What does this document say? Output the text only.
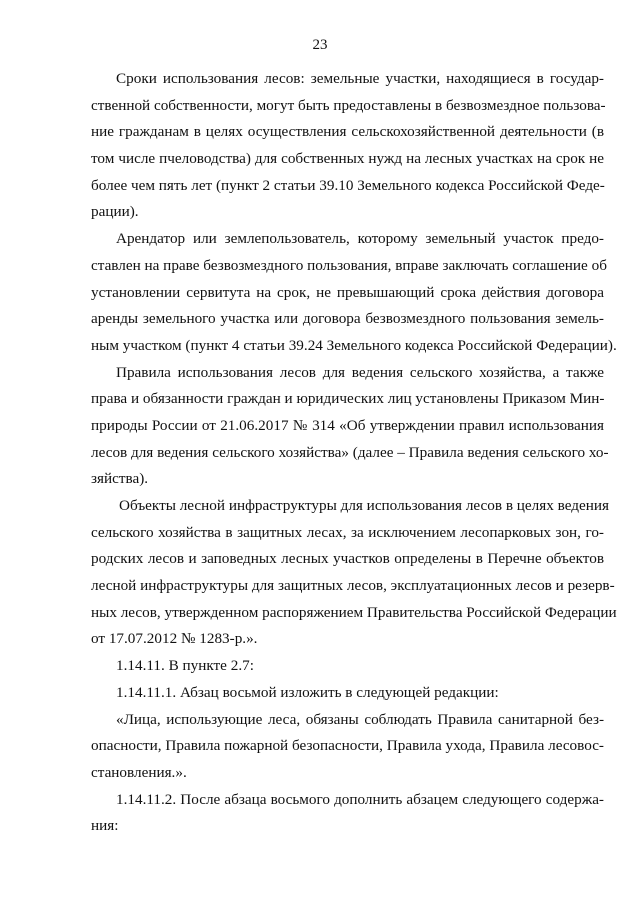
23
Сроки использования лесов: земельные участки, находящиеся в государ-
ственной собственности, могут быть предоставлены в безвозмездное пользова-
ние гражданам в целях осуществления сельскохозяйственной деятельности (в
том числе пчеловодства) для собственных нужд на лесных участках на срок не
более чем пять лет (пункт 2 статьи 39.10 Земельного кодекса Российской Феде-
рации).
Арендатор или землепользователь, которому земельный участок предо-
ставлен на праве безвозмездного пользования, вправе заключать соглашение об
установлении сервитута на срок, не превышающий срока действия договора
аренды земельного участка или договора безвозмездного пользования земель-
ным участком (пункт 4 статьи 39.24 Земельного кодекса Российской Федерации).
Правила использования лесов для ведения сельского хозяйства, а также
права и обязанности граждан и юридических лиц установлены Приказом Мин-
природы России от 21.06.2017 № 314 «Об утверждении правил использования
лесов для ведения сельского хозяйства» (далее – Правила ведения сельского хо-
зяйства).
Объекты лесной инфраструктуры для использования лесов в целях ведения
сельского хозяйства в защитных лесах, за исключением лесопарковых зон, го-
родских лесов и заповедных лесных участков определены в Перечне объектов
лесной инфраструктуры для защитных лесов, эксплуатационных лесов и резерв-
ных лесов, утвержденном распоряжением Правительства Российской Федерации
от 17.07.2012 № 1283-р.».
1.14.11. В пункте 2.7:
1.14.11.1. Абзац восьмой изложить в следующей редакции:
«Лица, использующие леса, обязаны соблюдать Правила санитарной без-
опасности, Правила пожарной безопасности, Правила ухода, Правила лесовос-
становления.».
1.14.11.2. После абзаца восьмого дополнить абзацем следующего содержа-
ния:
